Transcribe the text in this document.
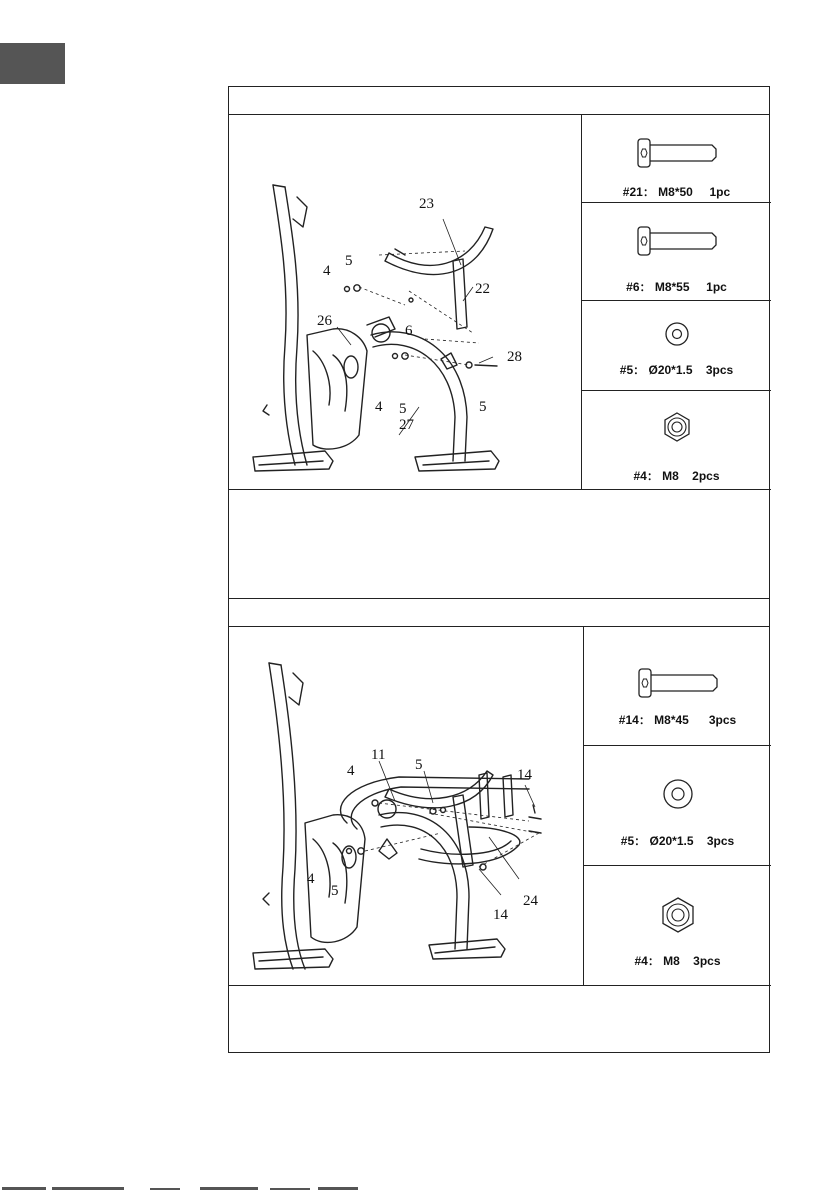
23
22
4
5
26
6
28
4 5	5
27
#21： M8*50     1pc
#6： M8*55     1pc
#5： Ø20*1.5    3pcs
#4： M8    2pcs
11
4	5
14
4
5
24
14
#14： M8*45      3pcs
#5： Ø20*1.5    3pcs
#4： M8    3pcs
